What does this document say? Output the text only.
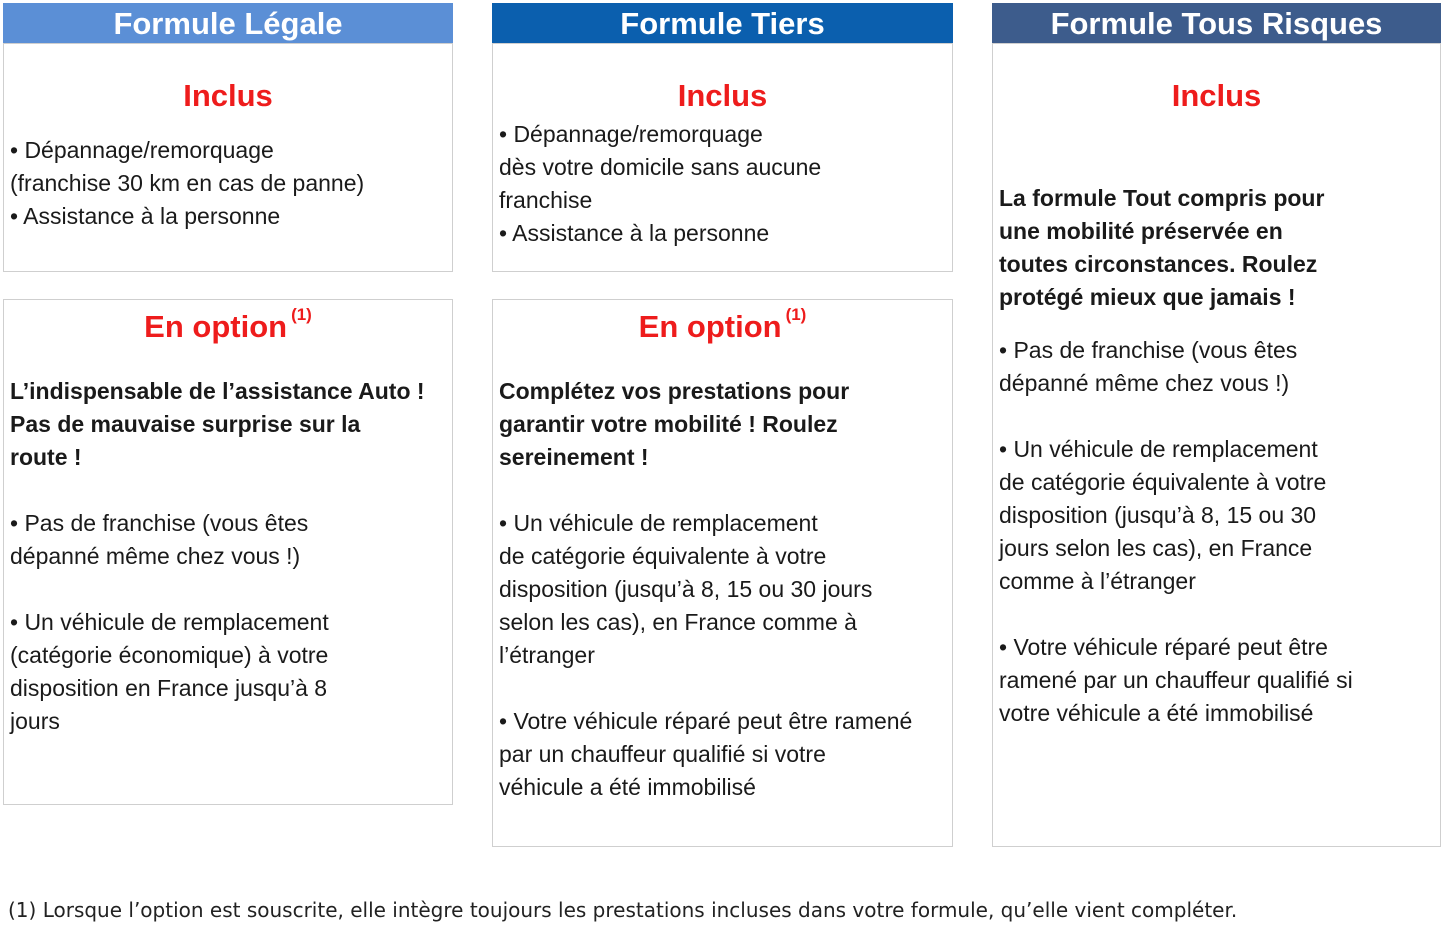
Formule Légale
Inclus
• Dépannage/remorquage
(franchise 30 km en cas de panne)
• Assistance à la personne
En option $^{(1)}$
L’indispensable de l’assistance Auto !
Pas de mauvaise surprise sur la
route !
• Pas de franchise (vous êtes
dépanné même chez vous !)
• Un véhicule de remplacement
(catégorie économique) à votre
disposition en France jusqu’à 8
jours
Formule Tiers
Inclus
• Dépannage/remorquage
dès votre domicile sans aucune
franchise
• Assistance à la personne
En option $^{(1)}$
Complétez vos prestations pour
garantir votre mobilité ! Roulez
sereinement !
• Un véhicule de remplacement
de catégorie équivalente à votre
disposition (jusqu’à 8, 15 ou 30 jours
selon les cas), en France comme à
l’étranger
• Votre véhicule réparé peut être ramené
par un chauffeur qualifié si votre
véhicule a été immobilisé
Formule Tous Risques
Inclus
La formule Tout compris pour
une mobilité préservée en
toutes circonstances. Roulez
protégé mieux que jamais !
• Pas de franchise (vous êtes
dépanné même chez vous !)
• Un véhicule de remplacement
de catégorie équivalente à votre
disposition (jusqu’à 8, 15 ou 30
jours selon les cas), en France
comme à l’étranger
• Votre véhicule réparé peut être
ramené par un chauffeur qualifié si
votre véhicule a été immobilisé
(1) Lorsque l’option est souscrite, elle intègre toujours les prestations incluses dans votre formule, qu’elle vient compléter.
